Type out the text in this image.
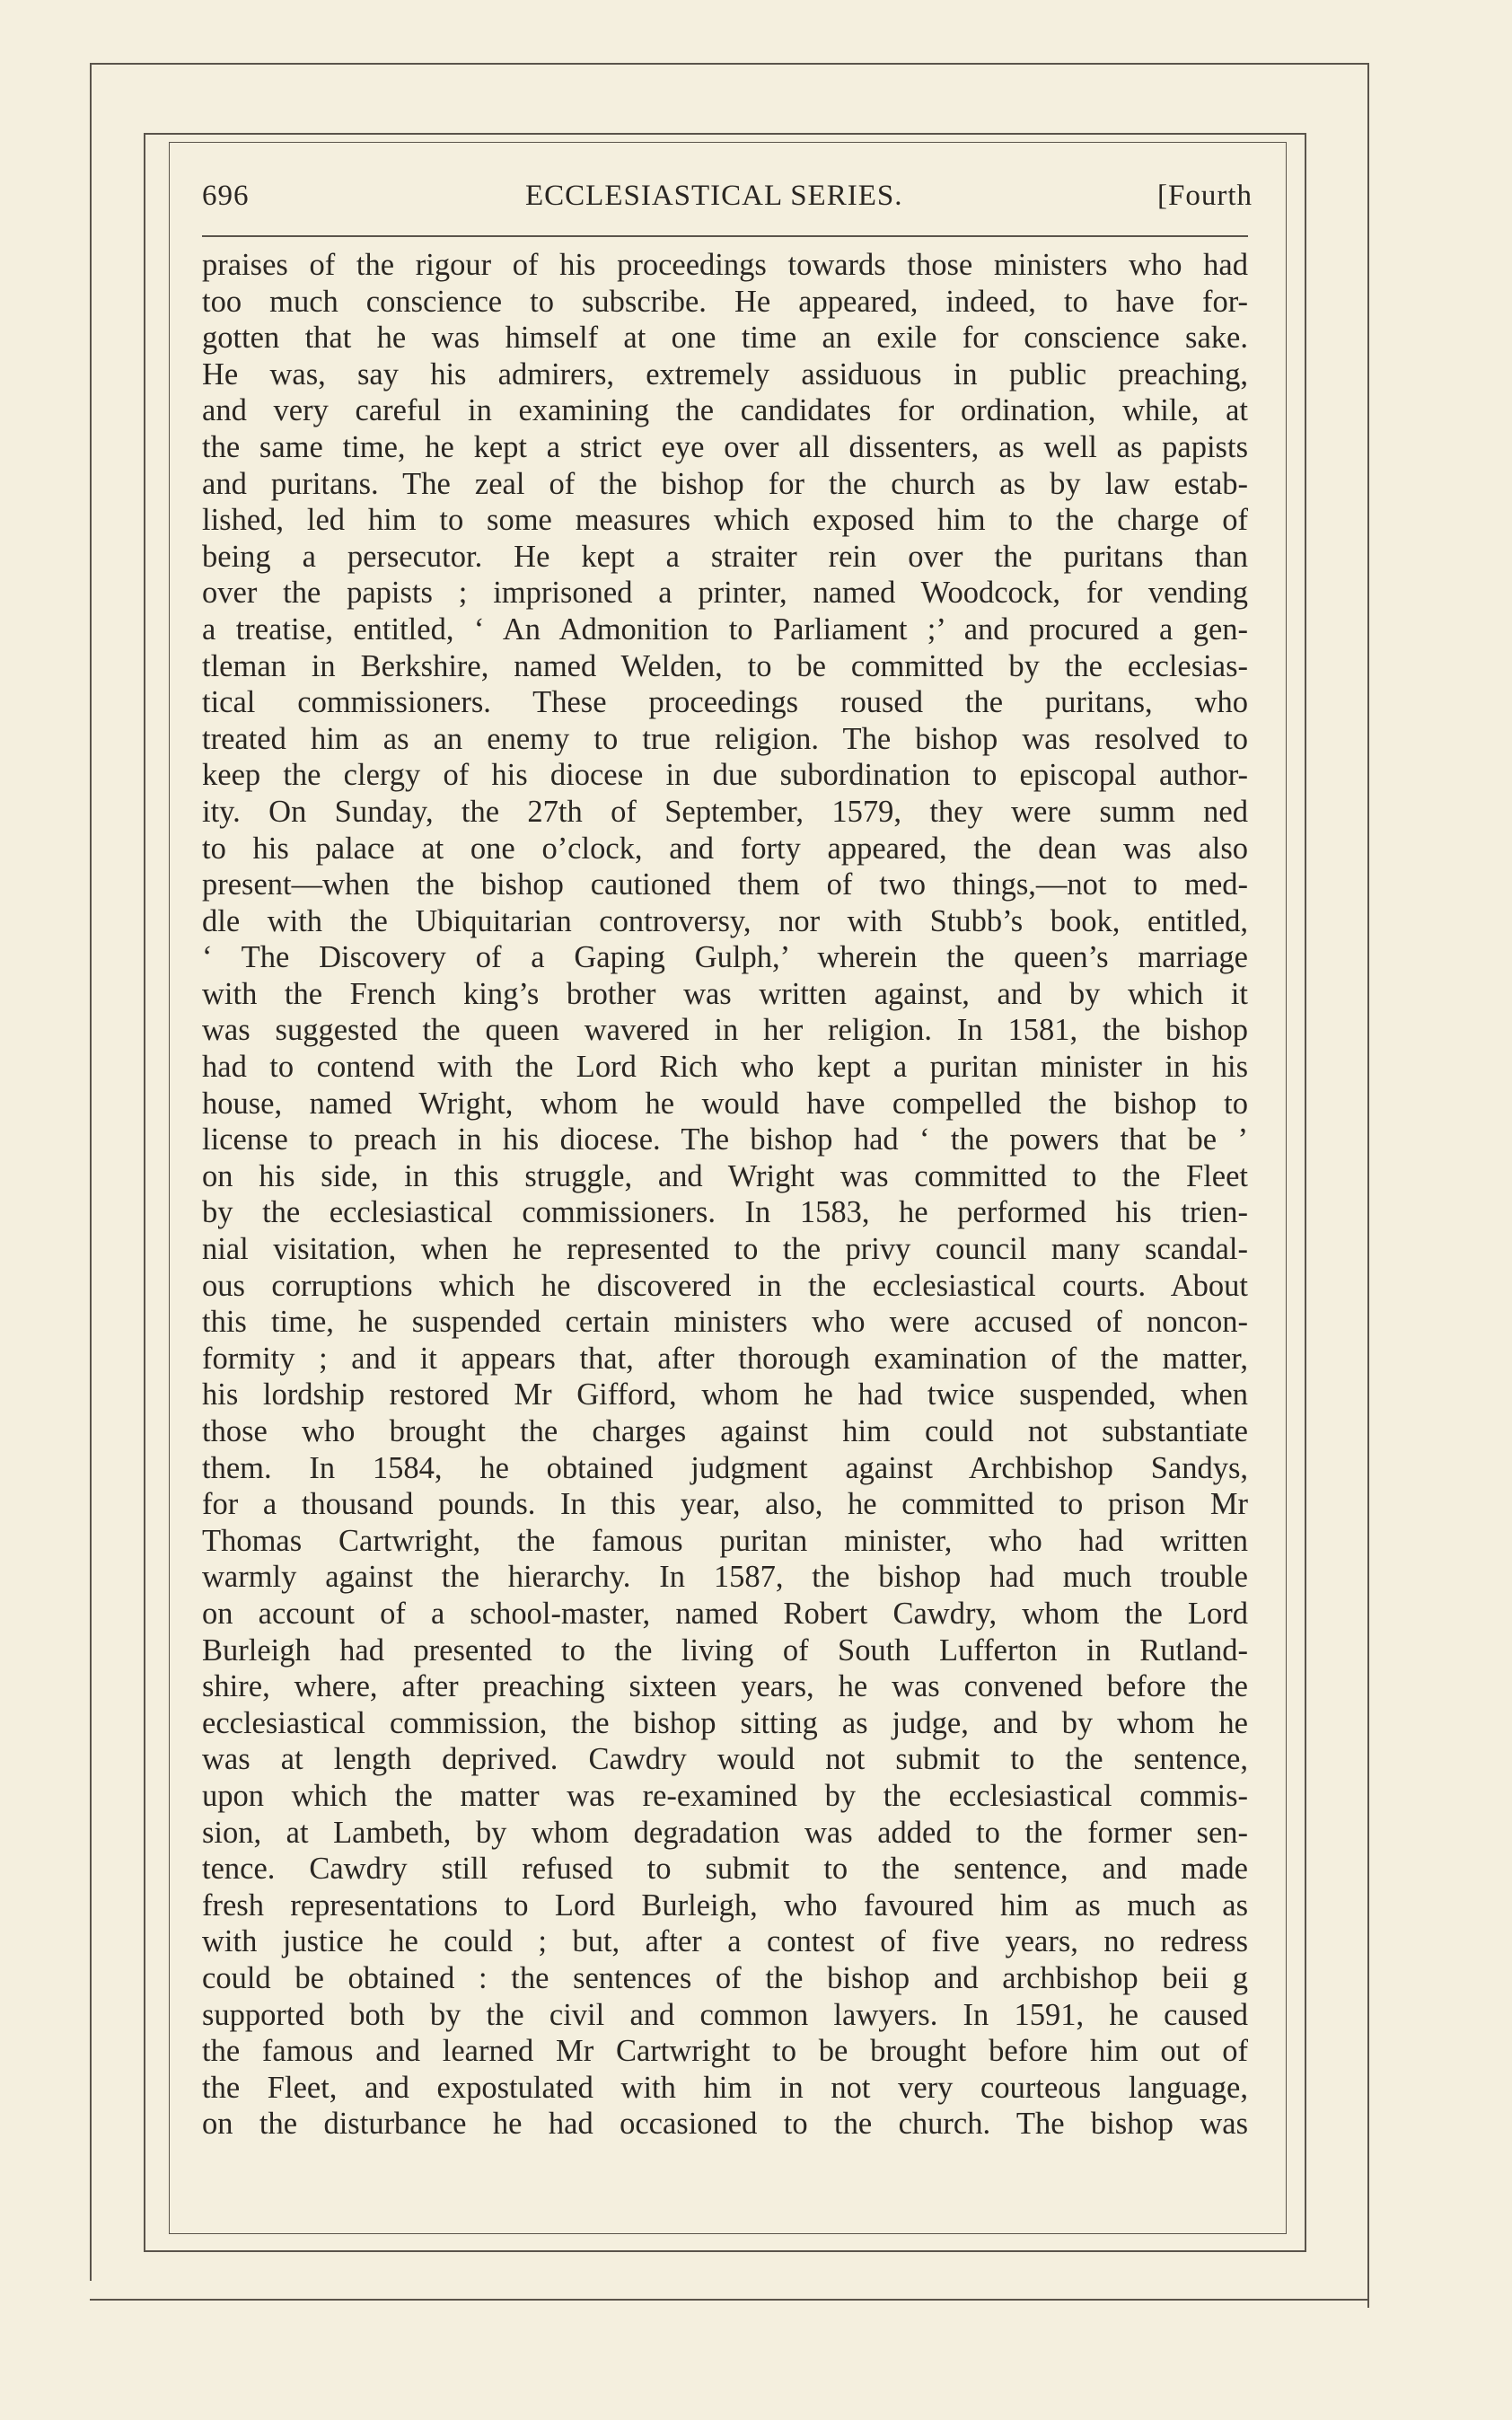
696	ECCLESIASTICAL SERIES.	[Fourth
praises of the rigour of his proceedings towards those ministers who had
too much conscience to subscribe. He appeared, indeed, to have for-
gotten that he was himself at one time an exile for conscience sake.
He was, say his admirers, extremely assiduous in public preaching,
and very careful in examining the candidates for ordination, while, at
the same time, he kept a strict eye over all dissenters, as well as papists
and puritans. The zeal of the bishop for the church as by law estab-
lished, led him to some measures which exposed him to the charge of
being a persecutor. He kept a straiter rein over the puritans than
over the papists ; imprisoned a printer, named Woodcock, for vending
a treatise, entitled, ‘ An Admonition to Parliament ;’ and procured a gen-
tleman in Berkshire, named Welden, to be committed by the ecclesias-
tical commissioners. These proceedings roused the puritans, who
treated him as an enemy to true religion. The bishop was resolved to
keep the clergy of his diocese in due subordination to episcopal author-
ity. On Sunday, the 27th of September, 1579, they were summ ned
to his palace at one o’clock, and forty appeared, the dean was also
present—when the bishop cautioned them of two things,—not to med-
dle with the Ubiquitarian controversy, nor with Stubb’s book, entitled,
‘ The Discovery of a Gaping Gulph,’ wherein the queen’s marriage
with the French king’s brother was written against, and by which it
was suggested the queen wavered in her religion. In 1581, the bishop
had to contend with the Lord Rich who kept a puritan minister in his
house, named Wright, whom he would have compelled the bishop to
license to preach in his diocese. The bishop had ‘ the powers that be ’
on his side, in this struggle, and Wright was committed to the Fleet
by the ecclesiastical commissioners. In 1583, he performed his trien-
nial visitation, when he represented to the privy council many scandal-
ous corruptions which he discovered in the ecclesiastical courts. About
this time, he suspended certain ministers who were accused of noncon-
formity ; and it appears that, after thorough examination of the matter,
his lordship restored Mr Gifford, whom he had twice suspended, when
those who brought the charges against him could not substantiate
them. In 1584, he obtained judgment against Archbishop Sandys,
for a thousand pounds. In this year, also, he committed to prison Mr
Thomas Cartwright, the famous puritan minister, who had written
warmly against the hierarchy. In 1587, the bishop had much trouble
on account of a school-master, named Robert Cawdry, whom the Lord
Burleigh had presented to the living of South Lufferton in Rutland-
shire, where, after preaching sixteen years, he was convened before the
ecclesiastical commission, the bishop sitting as judge, and by whom he
was at length deprived. Cawdry would not submit to the sentence,
upon which the matter was re-examined by the ecclesiastical commis-
sion, at Lambeth, by whom degradation was added to the former sen-
tence. Cawdry still refused to submit to the sentence, and made
fresh representations to Lord Burleigh, who favoured him as much as
with justice he could ; but, after a contest of five years, no redress
could be obtained : the sentences of the bishop and archbishop beii g
supported both by the civil and common lawyers. In 1591, he caused
the famous and learned Mr Cartwright to be brought before him out of
the Fleet, and expostulated with him in not very courteous language,
on the disturbance he had occasioned to the church. The bishop was
